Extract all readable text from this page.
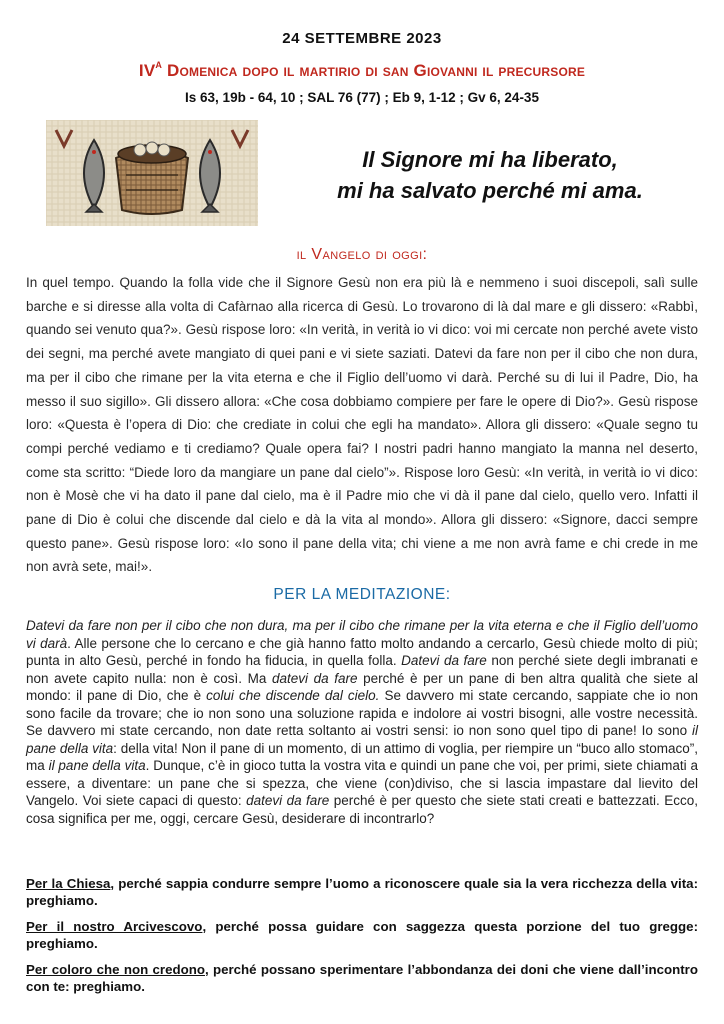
24 SETTEMBRE 2023
$IV^A$ Domenica dopo il martirio di san Giovanni il precursore
Is 63, 19b - 64, 10 ; SAL 76 (77) ; Eb 9, 1-12 ; Gv 6, 24-35
Il Signore mi ha liberato,
mi ha salvato perché mi ama.
il Vangelo di oggi:
In quel tempo. Quando la folla vide che il Signore Gesù non era più là e nemmeno i suoi discepoli, salì sulle barche e si diresse alla volta di Cafàrnao alla ricerca di Gesù. Lo trovarono di là dal mare e gli dissero: «Rabbì, quando sei venuto qua?». Gesù rispose loro: «In verità, in verità io vi dico: voi mi cercate non perché avete visto dei segni, ma perché avete mangiato di quei pani e vi siete saziati. Datevi da fare non per il cibo che non dura, ma per il cibo che rimane per la vita eterna e che il Figlio dell’uomo vi darà. Perché su di lui il Padre, Dio, ha messo il suo sigillo». Gli dissero allora: «Che cosa dobbiamo compiere per fare le opere di Dio?». Gesù rispose loro: «Questa è l’opera di Dio: che crediate in colui che egli ha mandato». Allora gli dissero: «Quale segno tu compi perché vediamo e ti crediamo? Quale opera fai? I nostri padri hanno mangiato la manna nel deserto, come sta scritto: “Diede loro da mangiare un pane dal cielo”». Rispose loro Gesù: «In verità, in verità io vi dico: non è Mosè che vi ha dato il pane dal cielo, ma è il Padre mio che vi dà il pane dal cielo, quello vero. Infatti il pane di Dio è colui che discende dal cielo e dà la vita al mondo». Allora gli dissero: «Signore, dacci sempre questo pane». Gesù rispose loro: «Io sono il pane della vita; chi viene a me non avrà fame e chi crede in me non avrà sete, mai!».
PER LA MEDITAZIONE:
Datevi da fare non per il cibo che non dura, ma per il cibo che rimane per la vita eterna e che il Figlio dell’uomo vi darà. Alle persone che lo cercano e che già hanno fatto molto andando a cercarlo, Gesù chiede molto di più; punta in alto Gesù, perché in fondo ha fiducia, in quella folla. Datevi da fare non perché siete degli imbranati e non avete capito nulla: non è così. Ma datevi da fare perché è per un pane di ben altra qualità che siete al mondo: il pane di Dio, che è colui che discende dal cielo. Se davvero mi state cercando, sappiate che io non sono facile da trovare; che io non sono una soluzione rapida e indolore ai vostri bisogni, alle vostre necessità. Se davvero mi state cercando, non date retta soltanto ai vostri sensi: io non sono quel tipo di pane! Io sono il pane della vita: della vita! Non il pane di un momento, di un attimo di voglia, per riempire un “buco allo stomaco”, ma il pane della vita. Dunque, c’è in gioco tutta la vostra vita e quindi un pane che voi, per primi, siete chiamati a essere, a diventare: un pane che si spezza, che viene (con)diviso, che si lascia impastare dal lievito del Vangelo. Voi siete capaci di questo: datevi da fare perché è per questo che siete stati creati e battezzati. Ecco, cosa significa per me, oggi, cercare Gesù, desiderare di incontrarlo?

Per la Chiesa, perché sappia condurre sempre l’uomo a riconoscere quale sia la vera ricchezza della vita: preghiamo.

Per il nostro Arcivescovo, perché possa guidare con saggezza questa porzione del tuo gregge: preghiamo.

Per coloro che non credono, perché possano sperimentare l’abbondanza dei doni che viene dall’incontro con te: preghiamo.
